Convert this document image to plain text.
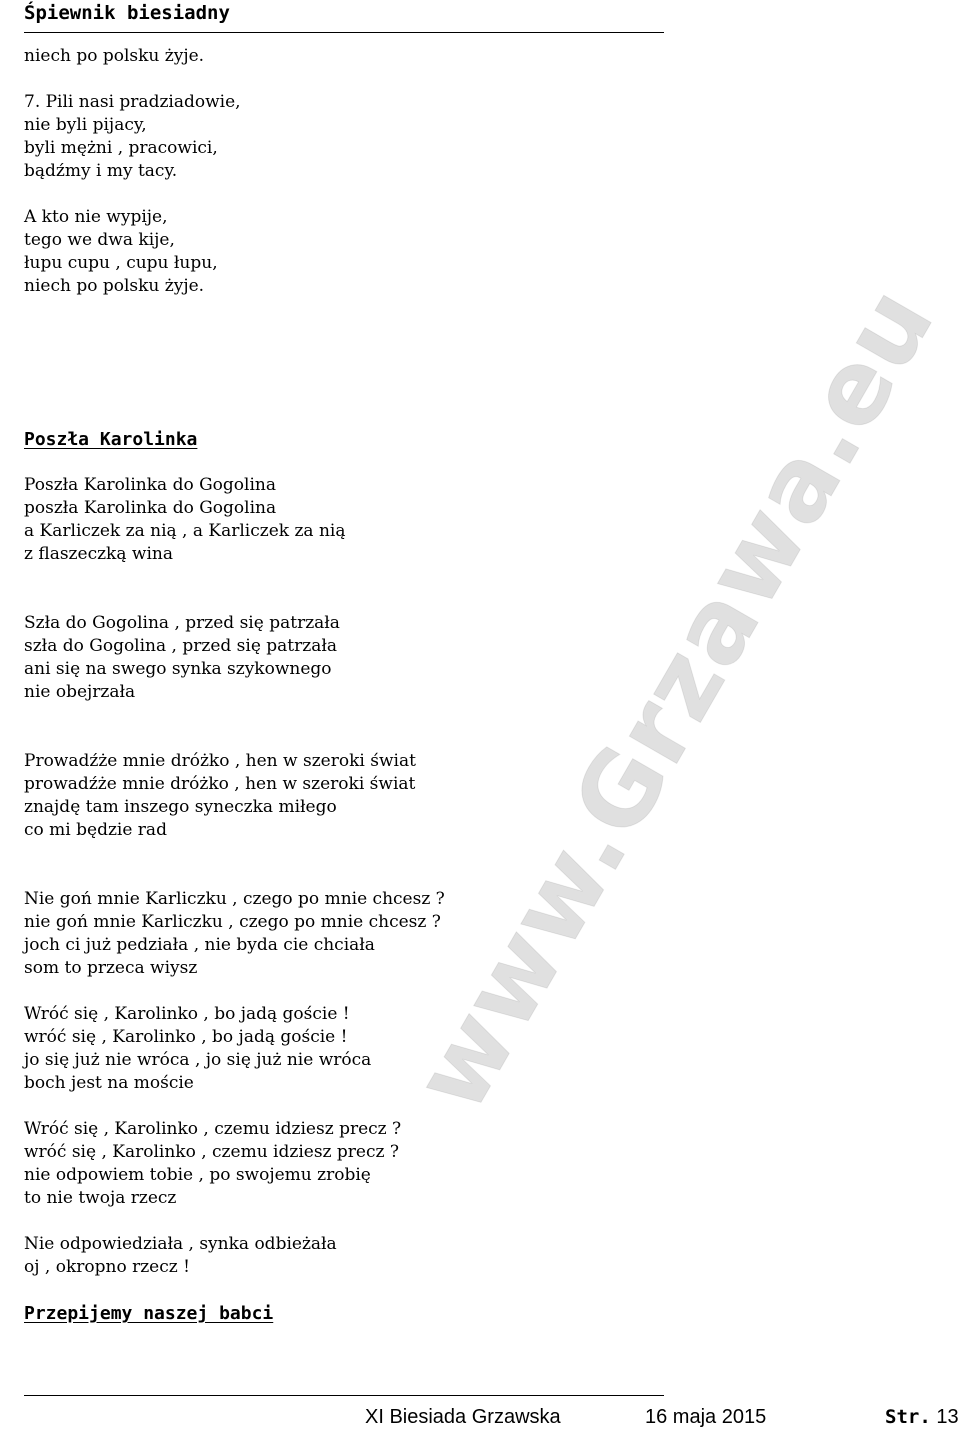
Śpiewnik biesiadny
www.Grzawa.eu
niech po polsku żyje.
7. Pili nasi pradziadowie,
nie byli pijacy,
byli mężni , pracowici,
bądźmy i my tacy.
A kto nie wypije,
tego we dwa kije,
łupu cupu , cupu łupu,
niech po polsku żyje.
Poszła Karolinka
Poszła Karolinka do Gogolina
poszła Karolinka do Gogolina
a Karliczek za nią , a Karliczek za nią
z flaszeczką wina
Szła do Gogolina , przed się patrzała
szła do Gogolina , przed się patrzała
ani się na swego synka szykownego
nie obejrzała
Prowadźże mnie dróżko , hen w szeroki świat
prowadźże mnie dróżko , hen w szeroki świat
znajdę tam inszego syneczka miłego
co mi będzie rad
Nie goń mnie Karliczku , czego po mnie chcesz ?
nie goń mnie Karliczku , czego po mnie chcesz ?
joch ci już pedziała , nie byda cie chciała
som to przeca wiysz
Wróć się , Karolinko , bo jadą goście !
wróć się , Karolinko , bo jadą goście !
jo się już nie wróca , jo się już nie wróca
boch jest na moście
Wróć się , Karolinko , czemu idziesz precz ?
wróć się , Karolinko , czemu idziesz precz ?
nie odpowiem tobie , po swojemu zrobię
to nie twoja rzecz
Nie odpowiedziała , synka odbieżała
oj , okropno rzecz !
Przepijemy naszej babci
XI Biesiada Grzawska	16 maja 2015	Str. 13
